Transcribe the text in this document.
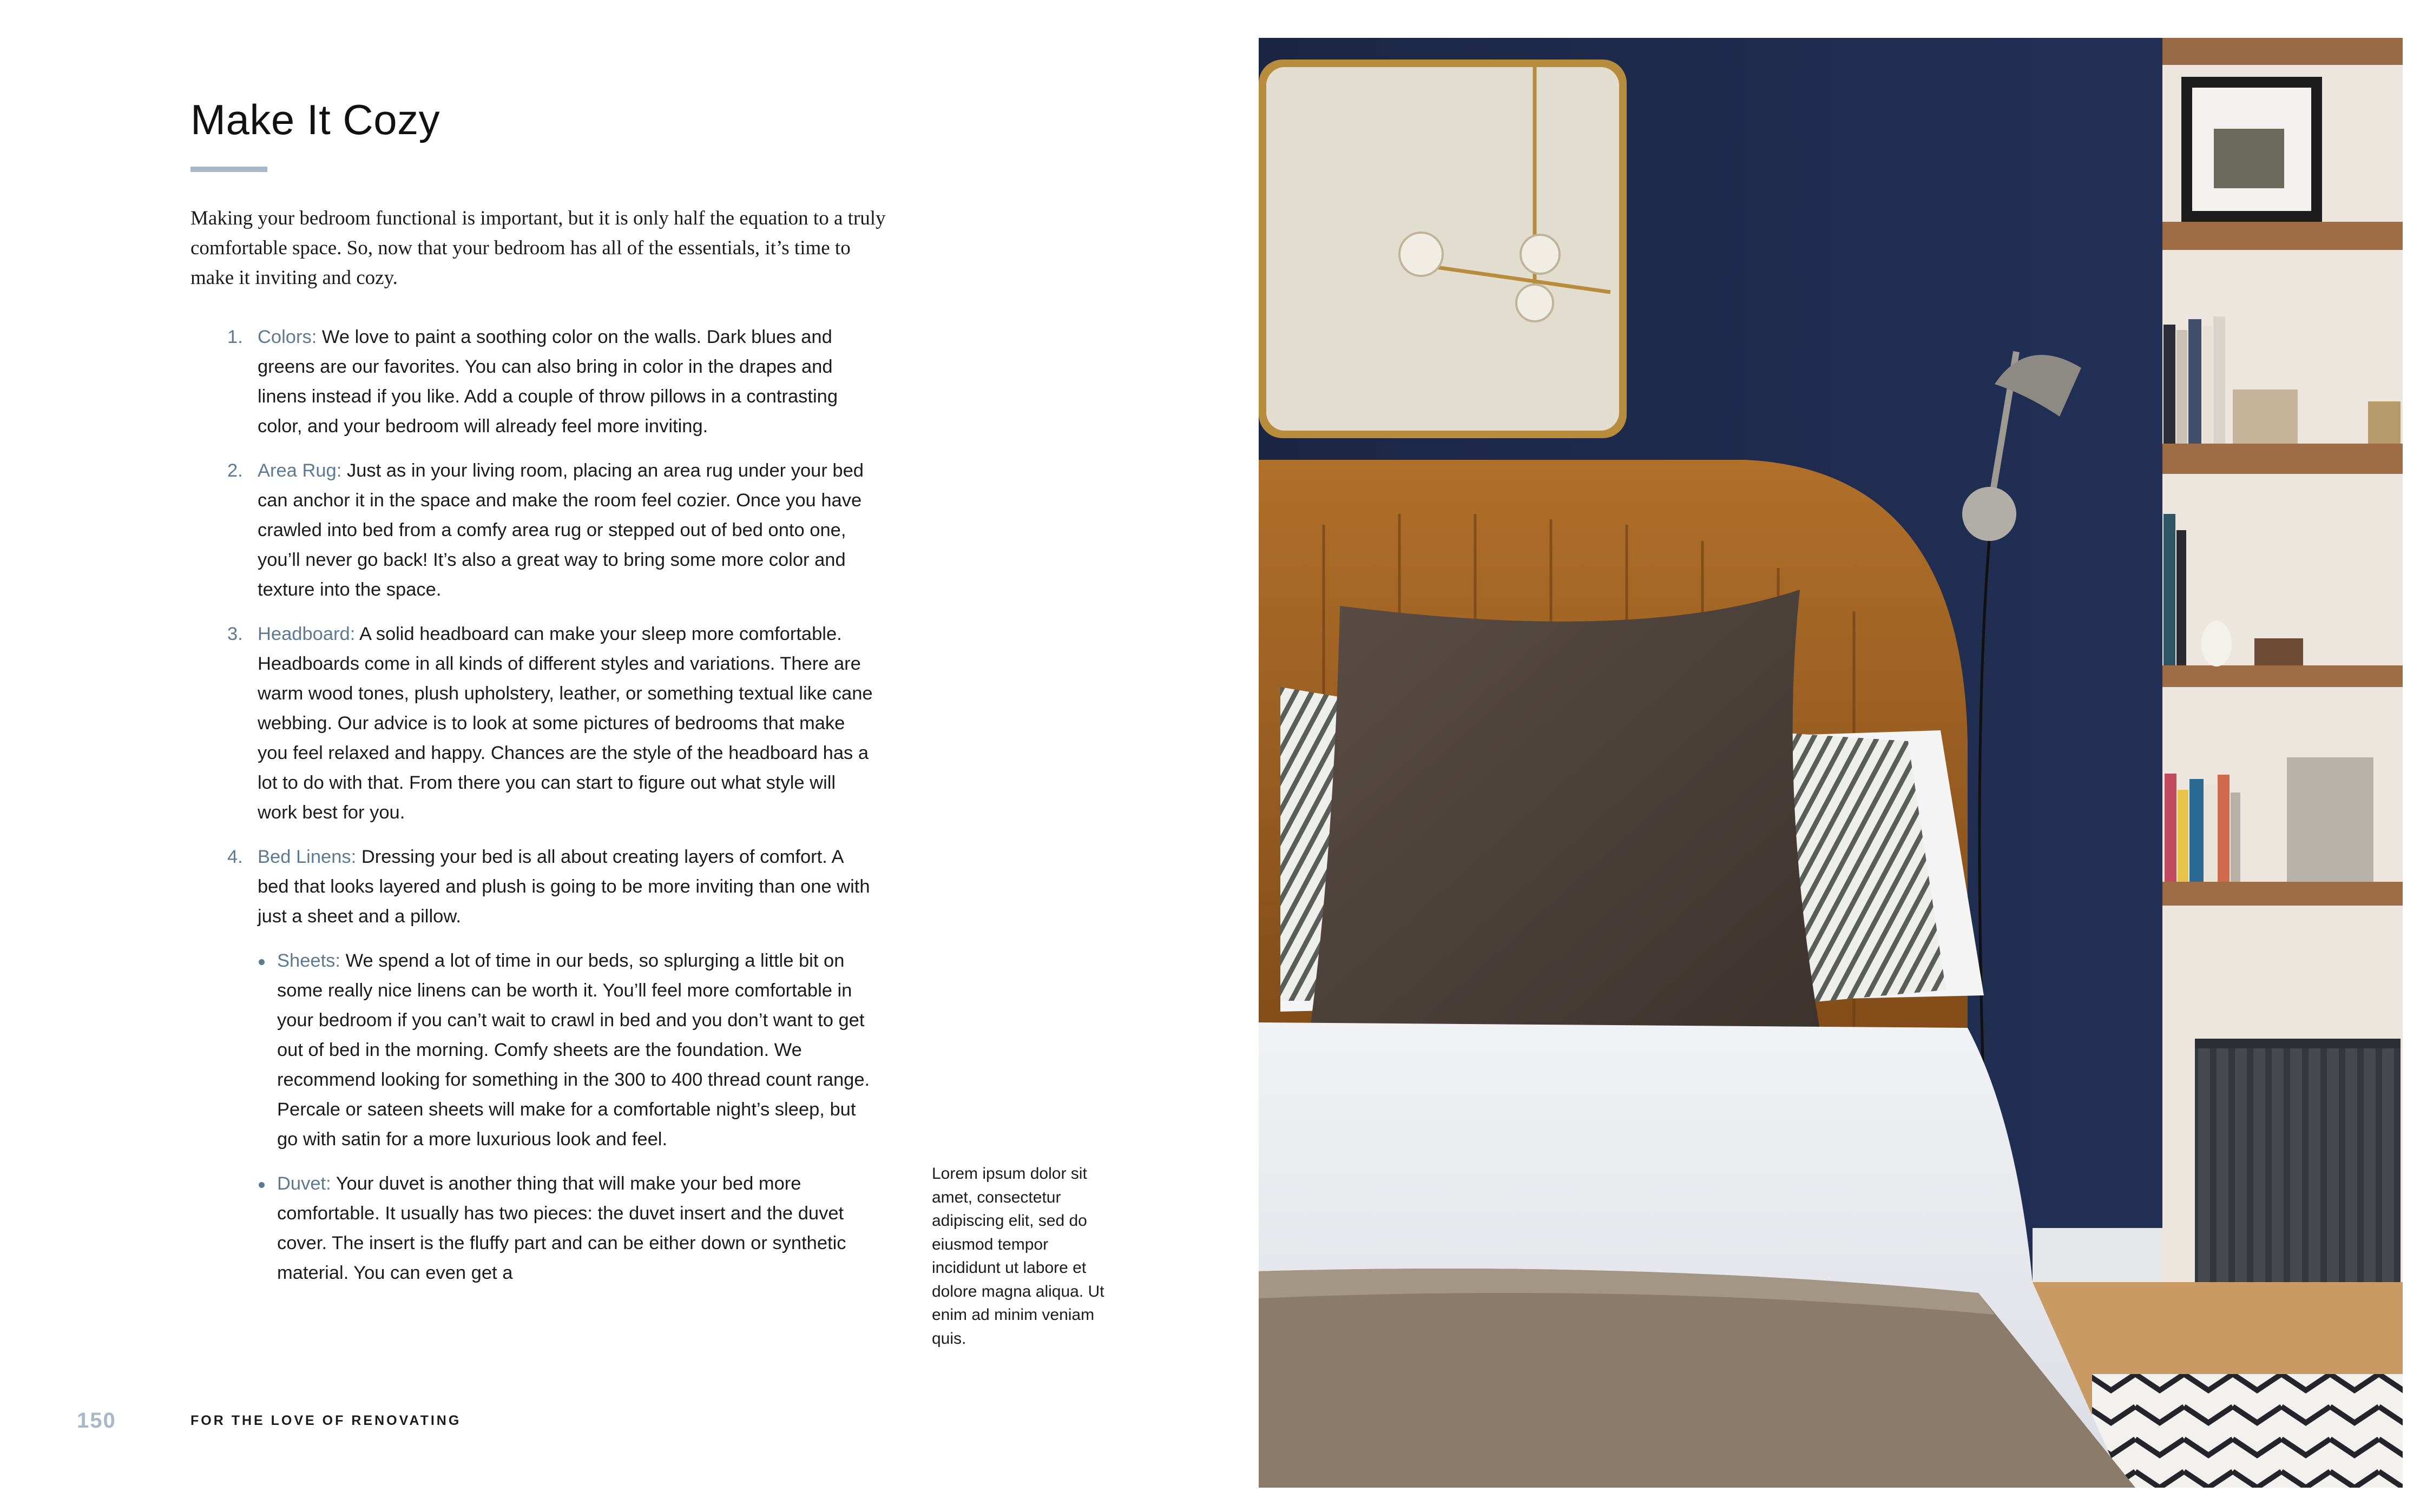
Make It Cozy

Making your bedroom functional is important, but it is only half the equation to a truly comfortable space. So, now that your bedroom has all of the essentials, it’s time to make it inviting and cozy.

1. Colors: We love to paint a soothing color on the walls. Dark blues and greens are our favorites. You can also bring in color in the drapes and linens instead if you like. Add a couple of throw pillows in a contrasting color, and your bedroom will already feel more inviting.
2. Area Rug: Just as in your living room, placing an area rug under your bed can anchor it in the space and make the room feel cozier. Once you have crawled into bed from a comfy area rug or stepped out of bed onto one, you’ll never go back! It’s also a great way to bring some more color and texture into the space.
3. Headboard: A solid headboard can make your sleep more comfortable. Headboards come in all kinds of different styles and variations. There are warm wood tones, plush upholstery, leather, or something textual like cane webbing. Our advice is to look at some pictures of bedrooms that make you feel relaxed and happy. Chances are the style of the headboard has a lot to do with that. From there you can start to figure out what style will work best for you.
4. Bed Linens: Dressing your bed is all about creating layers of comfort. A bed that looks layered and plush is going to be more inviting than one with just a sheet and a pillow.
Sheets: We spend a lot of time in our beds, so splurging a little bit on some really nice linens can be worth it. You’ll feel more comfortable in your bedroom if you can’t wait to crawl in bed and you don’t want to get out of bed in the morning. Comfy sheets are the foundation. We recommend looking for something in the 300 to 400 thread count range. Percale or sateen sheets will make for a comfortable night’s sleep, but go with satin for a more luxurious look and feel.
Duvet: Your duvet is another thing that will make your bed more comfortable. It usually has two pieces: the duvet insert and the duvet cover. The insert is the fluffy part and can be either down or synthetic material. You can even get a

Lorem ipsum dolor sit amet, consectetur adipiscing elit, sed do eiusmod tempor incididunt ut labore et dolore magna aliqua. Ut enim ad minim veniam quis.

150	FOR THE LOVE OF RENOVATING
